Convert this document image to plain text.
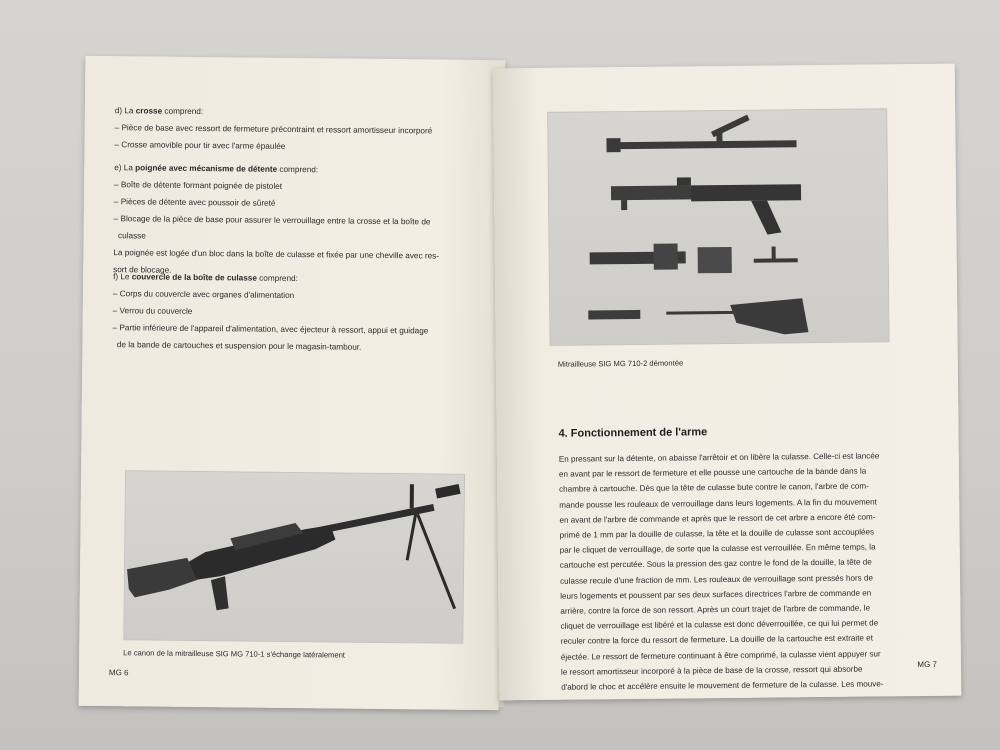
d) La crosse comprend:

– Pièce de base avec ressort de fermeture précontraint et ressort amortisseur incorporé

– Crosse amovible pour tir avec l'arme épaulée

e) La poignée avec mécanisme de détente comprend:

– Boîte de détente formant poignée de pistolet

– Pièces de détente avec poussoir de sûreté

– Blocage de la pièce de base pour assurer le verrouillage entre la crosse et la boîte de

culasse

La poignée est logée d'un bloc dans la boîte de culasse et fixée par une cheville avec res-

sort de blocage.

f) Le couvercle de la boîte de culasse comprend:

– Corps du couvercle avec organes d'alimentation

– Verrou du couvercle

– Partie inférieure de l'appareil d'alimentation, avec éjecteur à ressort, appui et guidage

de la bande de cartouches et suspension pour le magasin-tambour.

Le canon de la mitrailleuse SIG MG 710-1 s'échange latéralement
MG 6
Mitrailleuse SIG MG 710-2 démontée
4. Fonctionnement de l'arme
En pressant sur la détente, on abaisse l'arrêtoir et on libère la culasse. Celle-ci est lancée
en avant par le ressort de fermeture et elle pousse une cartouche de la bande dans la
chambre à cartouche. Dès que la tête de culasse bute contre le canon, l'arbre de com-
mande pousse les rouleaux de verrouillage dans leurs logements. A la fin du mouvement
en avant de l'arbre de commande et après que le ressort de cet arbre a encore été com-
primé de 1 mm par la douille de culasse, la tête et la douille de culasse sont accouplées
par le cliquet de verrouillage, de sorte que la culasse est verrouillée. En même temps, la
cartouche est percutée. Sous la pression des gaz contre le fond de la douille, la tête de
culasse recule d'une fraction de mm. Les rouleaux de verrouillage sont pressés hors de
leurs logements et poussent par ses deux surfaces directrices l'arbre de commande en
arrière, contre la force de son ressort. Après un court trajet de l'arbre de commande, le
cliquet de verrouillage est libéré et la culasse est donc déverrouillée, ce qui lui permet de
reculer contre la force du ressort de fermeture. La douille de la cartouche est extraite et
éjectée. Le ressort de fermeture continuant à être comprimé, la culasse vient appuyer sur
le ressort amortisseur incorporé à la pièce de base de la crosse, ressort qui absorbe
d'abord le choc et accélère ensuite le mouvement de fermeture de la culasse. Les mouve-
MG 7
